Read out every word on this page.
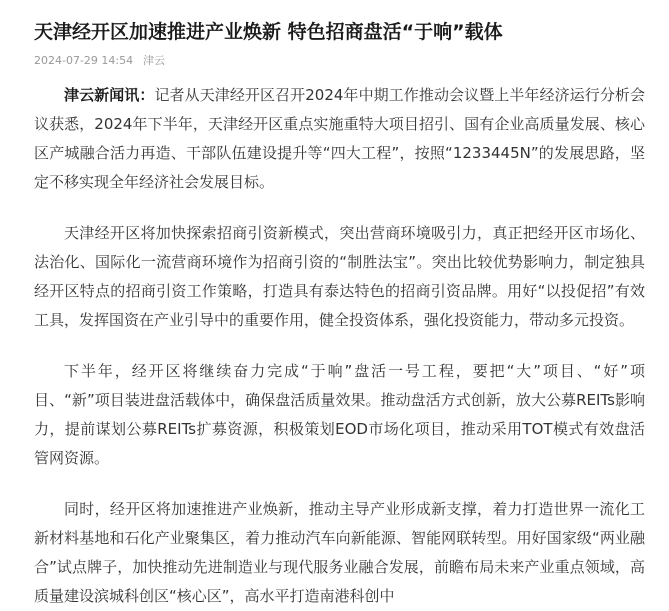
天津经开区加速推进产业焕新 特色招商盘活“于响”载体
2024-07-29 14:54 津云

津云新闻讯：记者从天津经开区召开2024年中期工作推动会议暨上半年经济运行分析会议获悉，2024年下半年，天津经开区重点实施重特大项目招引、国有企业高质量发展、核心区产城融合活力再造、干部队伍建设提升等“四大工程”，按照“1233445N”的发展思路，坚定不移实现全年经济社会发展目标。

天津经开区将加快探索招商引资新模式，突出营商环境吸引力，真正把经开区市场化、法治化、国际化一流营商环境作为招商引资的“制胜法宝”。突出比较优势影响力，制定独具经开区特点的招商引资工作策略，打造具有泰达特色的招商引资品牌。用好“以投促招”有效工具，发挥国资在产业引导中的重要作用，健全投资体系，强化投资能力，带动多元投资。

下半年，经开区将继续奋力完成“于响”盘活一号工程，要把“大”项目、“好”项目、“新”项目装进盘活载体中，确保盘活质量效果。推动盘活方式创新，放大公募REITs影响力，提前谋划公募REITs扩募资源，积极策划EOD市场化项目，推动采用TOT模式有效盘活管网资源。

同时，经开区将加速推进产业焕新，推动主导产业形成新支撑，着力打造世界一流化工新材料基地和石化产业聚集区，着力推动汽车向新能源、智能网联转型。用好国家级“两业融合”试点牌子，加快推动先进制造业与现代服务业融合发展，前瞻布局未来产业重点领域，高质量建设滨城科创区“核心区”，高水平打造南港科创中
